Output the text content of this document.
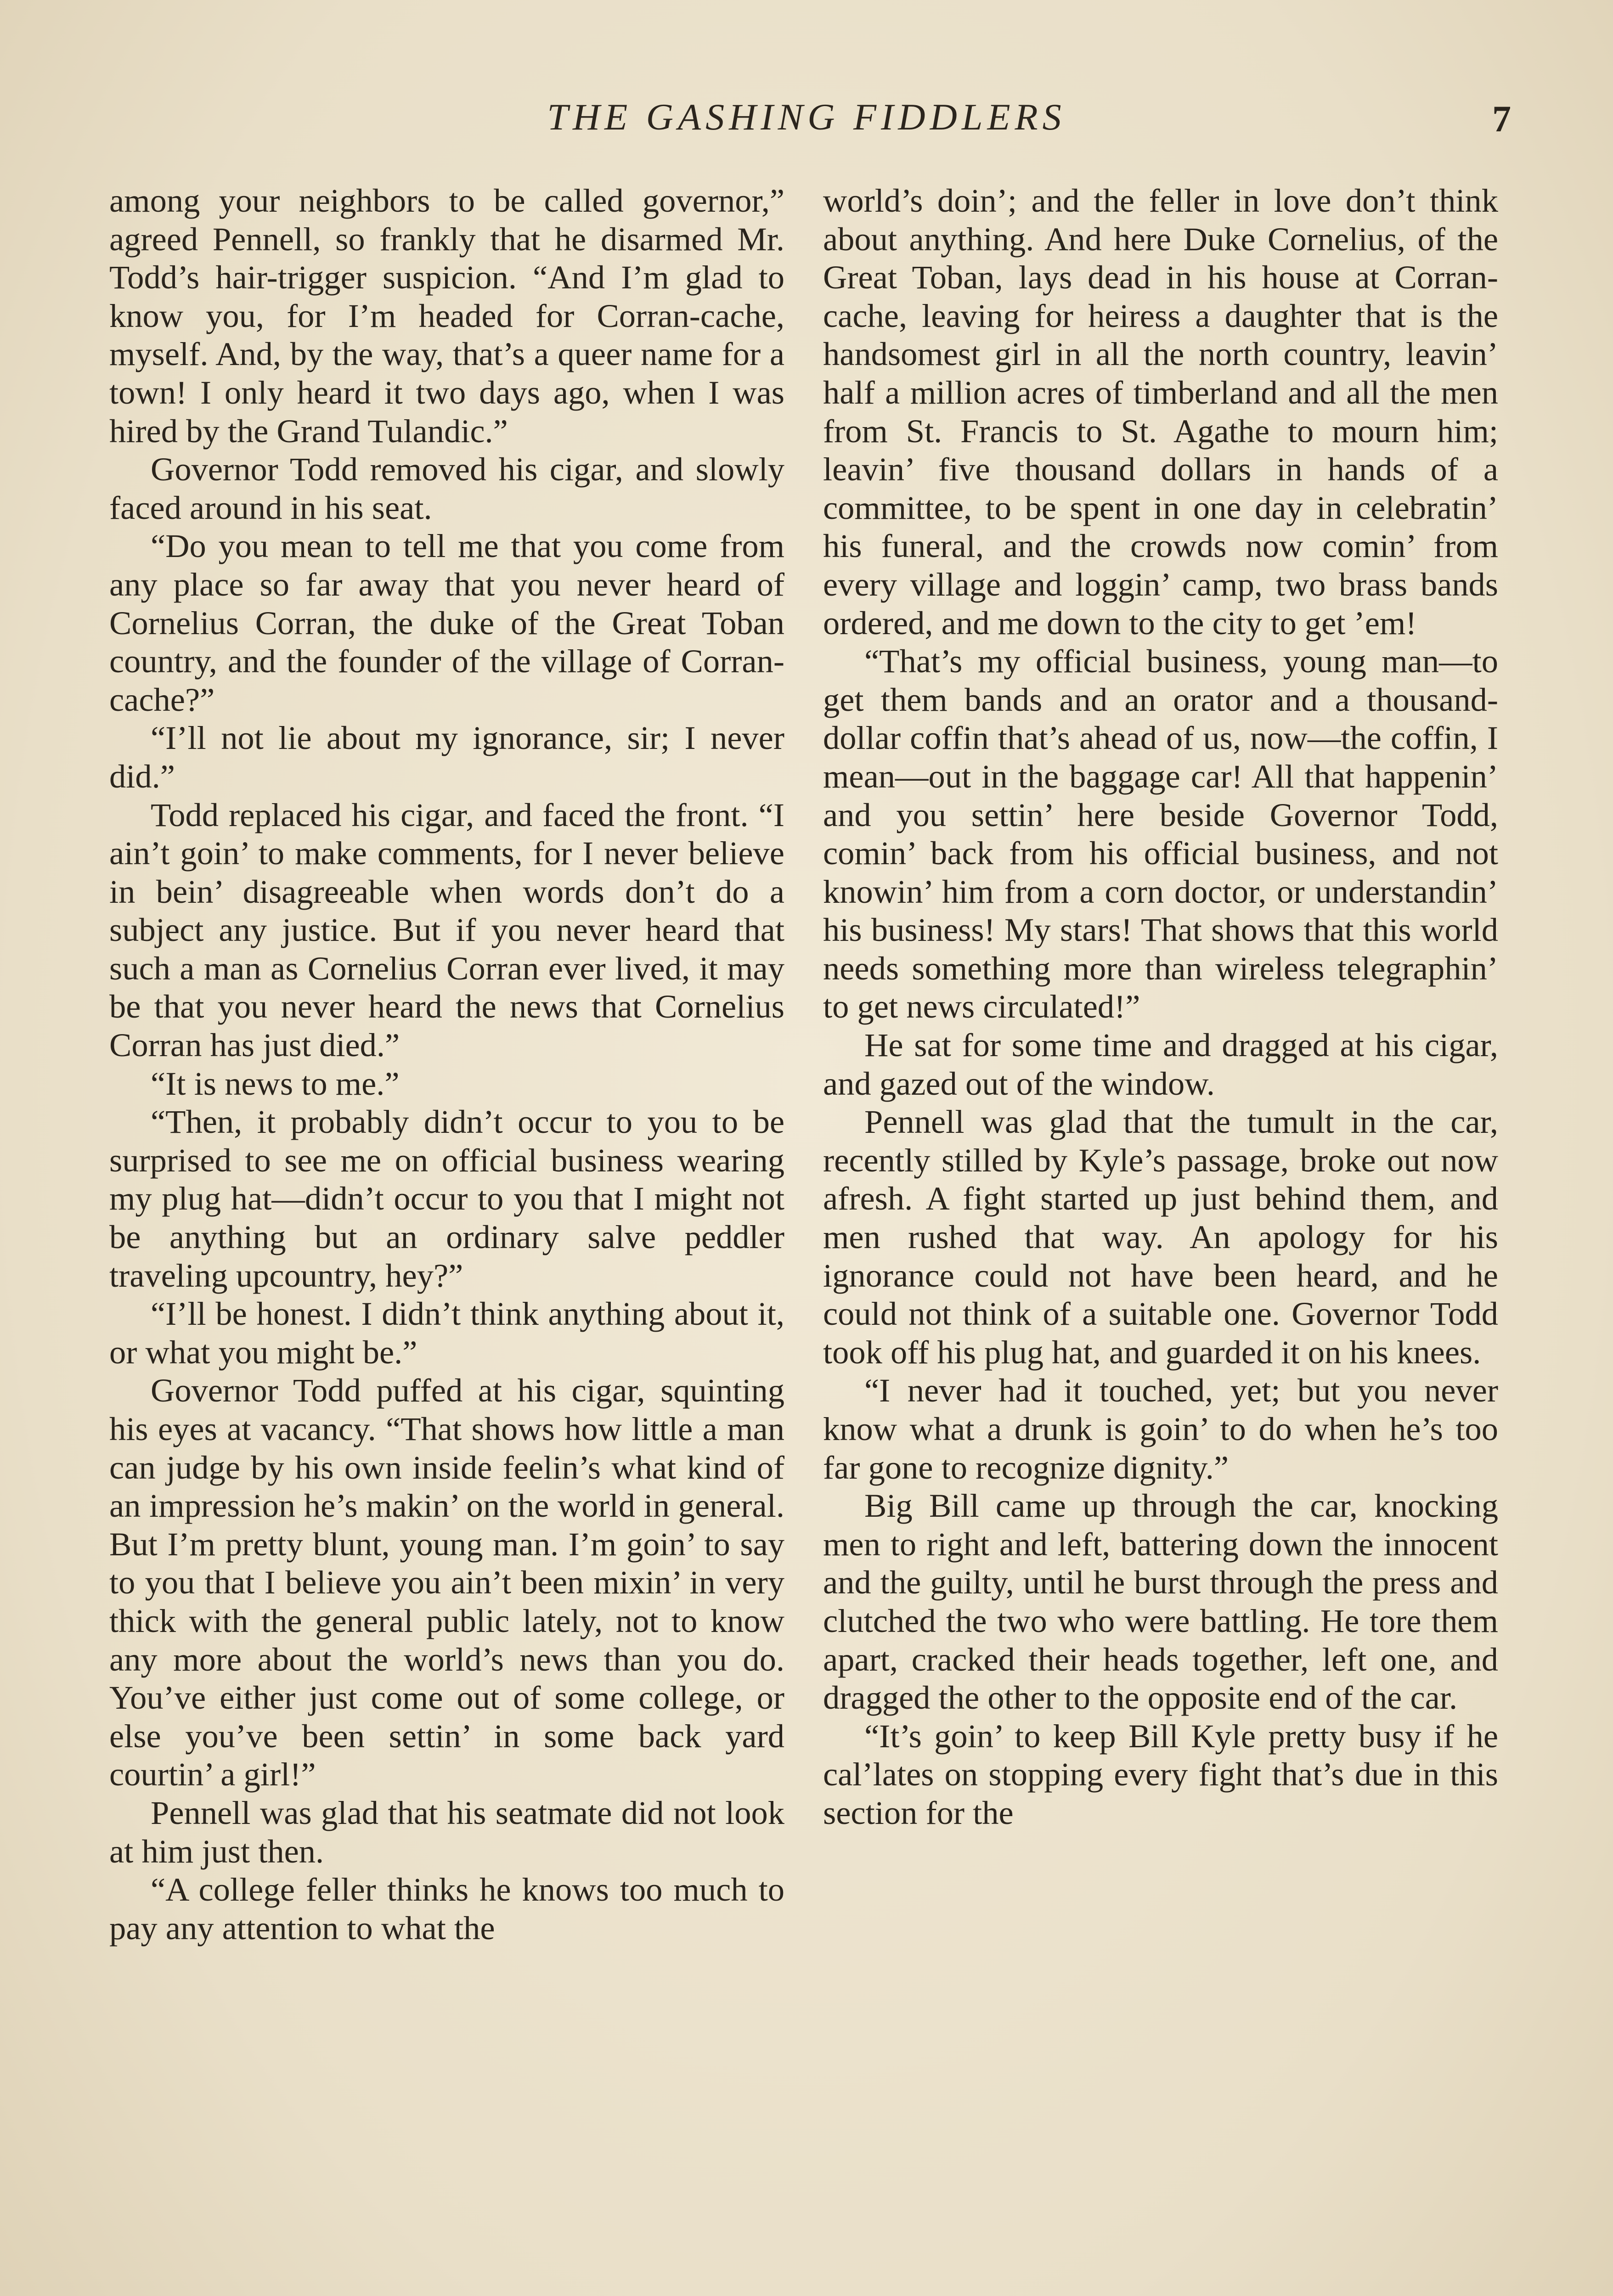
THE GASHING FIDDLERS	7

among your neighbors to be called governor,” agreed Pennell, so frankly that he disarmed Mr. Todd’s hair-trigger suspicion. “And I’m glad to know you, for I’m headed for Corran-cache, myself. And, by the way, that’s a queer name for a town! I only heard it two days ago, when I was hired by the Grand Tulandic.”

Governor Todd removed his cigar, and slowly faced around in his seat.

“Do you mean to tell me that you come from any place so far away that you never heard of Cornelius Corran, the duke of the Great Toban country, and the founder of the village of Corran-cache?”

“I’ll not lie about my ignorance, sir; I never did.”

Todd replaced his cigar, and faced the front. “I ain’t goin’ to make comments, for I never believe in bein’ disagreeable when words don’t do a subject any justice. But if you never heard that such a man as Cornelius Corran ever lived, it may be that you never heard the news that Cornelius Corran has just died.”

“It is news to me.”

“Then, it probably didn’t occur to you to be surprised to see me on official business wearing my plug hat—didn’t occur to you that I might not be anything but an ordinary salve peddler traveling upcountry, hey?”

“I’ll be honest. I didn’t think anything about it, or what you might be.”

Governor Todd puffed at his cigar, squinting his eyes at vacancy. “That shows how little a man can judge by his own inside feelin’s what kind of an impression he’s makin’ on the world in general. But I’m pretty blunt, young man. I’m goin’ to say to you that I believe you ain’t been mixin’ in very thick with the general public lately, not to know any more about the world’s news than you do. You’ve either just come out of some college, or else you’ve been settin’ in some back yard courtin’ a girl!”

Pennell was glad that his seatmate did not look at him just then.

“A college feller thinks he knows too much to pay any attention to what the

world’s doin’; and the feller in love don’t think about anything. And here Duke Cornelius, of the Great Toban, lays dead in his house at Corran-cache, leaving for heiress a daughter that is the handsomest girl in all the north country, leavin’ half a million acres of timberland and all the men from St. Francis to St. Agathe to mourn him; leavin’ five thousand dollars in hands of a committee, to be spent in one day in celebratin’ his funeral, and the crowds now comin’ from every village and loggin’ camp, two brass bands ordered, and me down to the city to get ’em!

“That’s my official business, young man—to get them bands and an orator and a thousand-dollar coffin that’s ahead of us, now—the coffin, I mean—out in the baggage car! All that happenin’ and you settin’ here beside Governor Todd, comin’ back from his official business, and not knowin’ him from a corn doctor, or understandin’ his business! My stars! That shows that this world needs something more than wireless telegraphin’ to get news circulated!”

He sat for some time and dragged at his cigar, and gazed out of the window.

Pennell was glad that the tumult in the car, recently stilled by Kyle’s passage, broke out now afresh. A fight started up just behind them, and men rushed that way. An apology for his ignorance could not have been heard, and he could not think of a suitable one. Governor Todd took off his plug hat, and guarded it on his knees.

“I never had it touched, yet; but you never know what a drunk is goin’ to do when he’s too far gone to recognize dignity.”

Big Bill came up through the car, knocking men to right and left, battering down the innocent and the guilty, until he burst through the press and clutched the two who were battling. He tore them apart, cracked their heads together, left one, and dragged the other to the opposite end of the car.

“It’s goin’ to keep Bill Kyle pretty busy if he cal’lates on stopping every fight that’s due in this section for the
